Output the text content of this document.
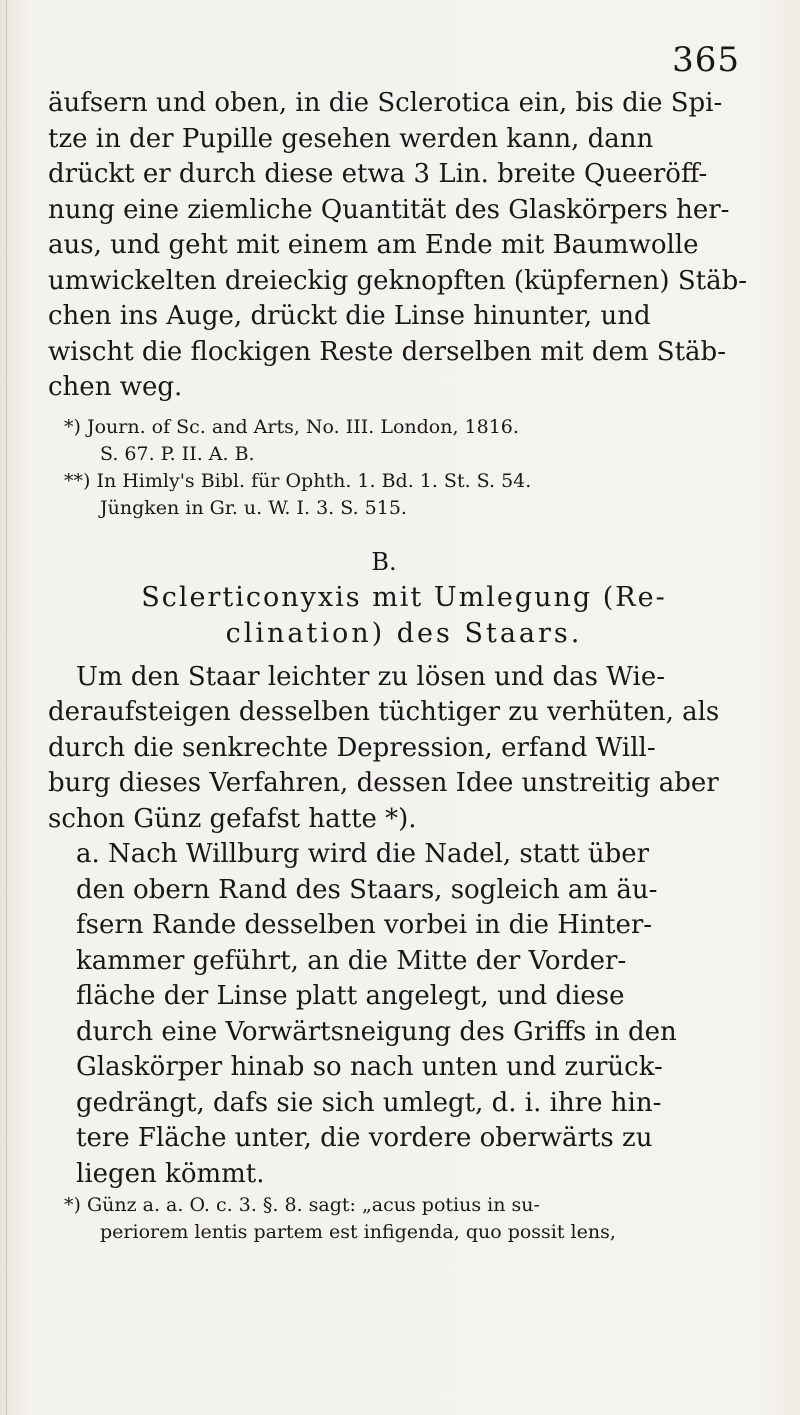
365
äufsern und oben, in die Sclerotica ein, bis die Spi-
tze in der Pupille gesehen werden kann, dann
drückt er durch diese etwa 3 Lin. breite Queeröff-
nung eine ziemliche Quantität des Glaskörpers her-
aus, und geht mit einem am Ende mit Baumwolle
umwickelten dreieckig geknopften (küpfernen) Stäb-
chen ins Auge, drückt die Linse hinunter, und
wischt die flockigen Reste derselben mit dem Stäb-
chen weg.
*) Journ. of Sc. and Arts, No. III. London, 1816.
S. 67. P. II. A. B.
**) In Himly's Bibl. für Ophth. 1. Bd. 1. St. S. 54.
Jüngken in Gr. u. W. I. 3. S. 515.
B.
Sclerticonyxis mit Umlegung (Re-
clination) des Staars.
Um den Staar leichter zu lösen und das Wie-
deraufsteigen desselben tüchtiger zu verhüten, als
durch die senkrechte Depression, erfand Will-
burg dieses Verfahren, dessen Idee unstreitig aber
schon Günz gefafst hatte *).
a. Nach Willburg wird die Nadel, statt über
den obern Rand des Staars, sogleich am äu-
fsern Rande desselben vorbei in die Hinter-
kammer geführt, an die Mitte der Vorder-
fläche der Linse platt angelegt, und diese
durch eine Vorwärtsneigung des Griffs in den
Glaskörper hinab so nach unten und zurück-
gedrängt, dafs sie sich umlegt, d. i. ihre hin-
tere Fläche unter, die vordere oberwärts zu
liegen kömmt.
*) Günz a. a. O. c. 3. §. 8. sagt: „acus potius in su-
periorem lentis partem est infigenda, quo possit lens,
